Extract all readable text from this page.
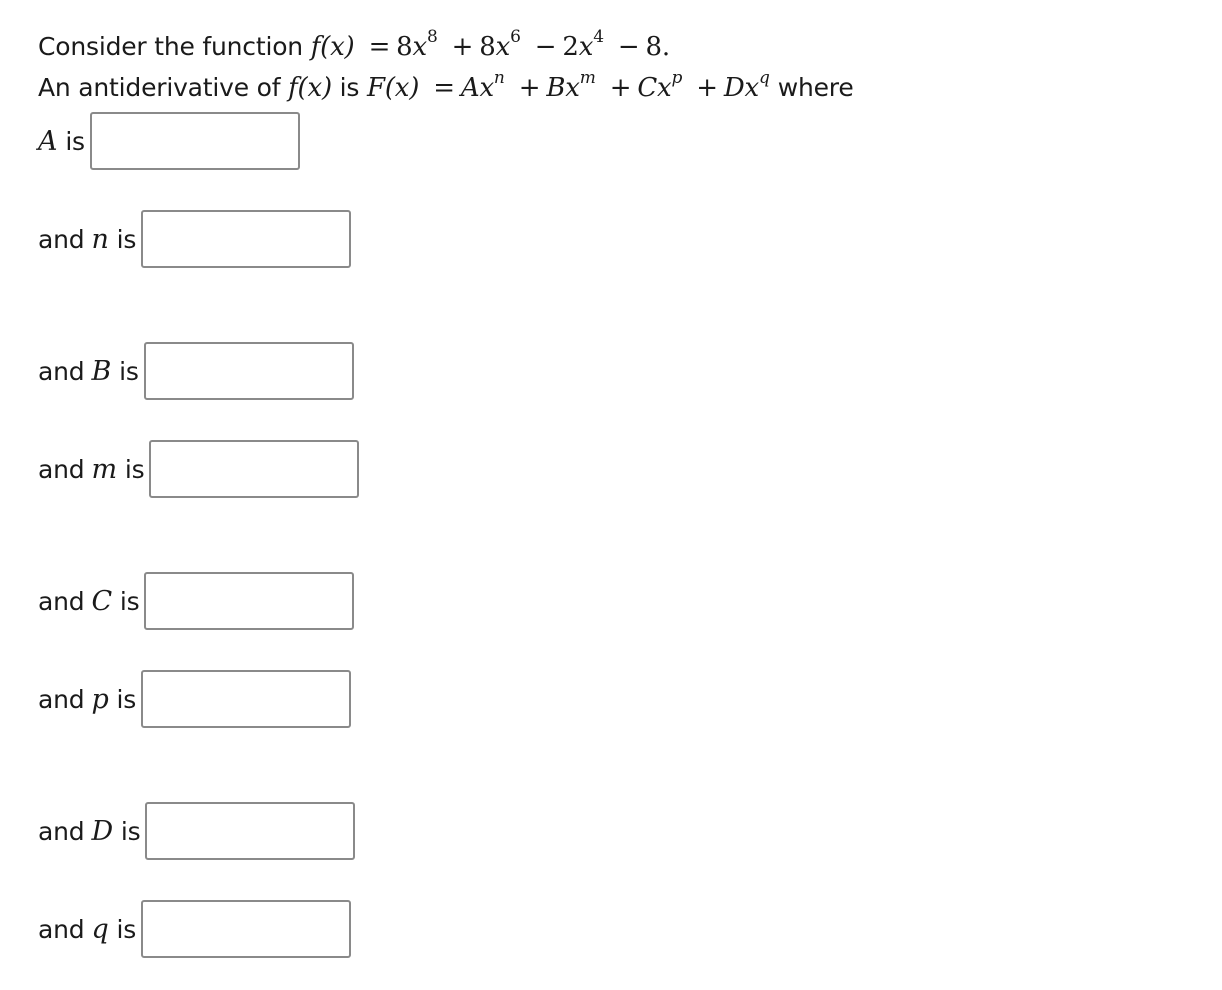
Consider the function $f(x) = 8x^8 + 8x^6 - 2x^4 - 8$.
An antiderivative of f(x) is $F(x) = Ax^n + Bx^m + Cx^p + Dx^q$ where
A is
and n is
and B is
and m is
and C is
and p is
and D is
and q is
